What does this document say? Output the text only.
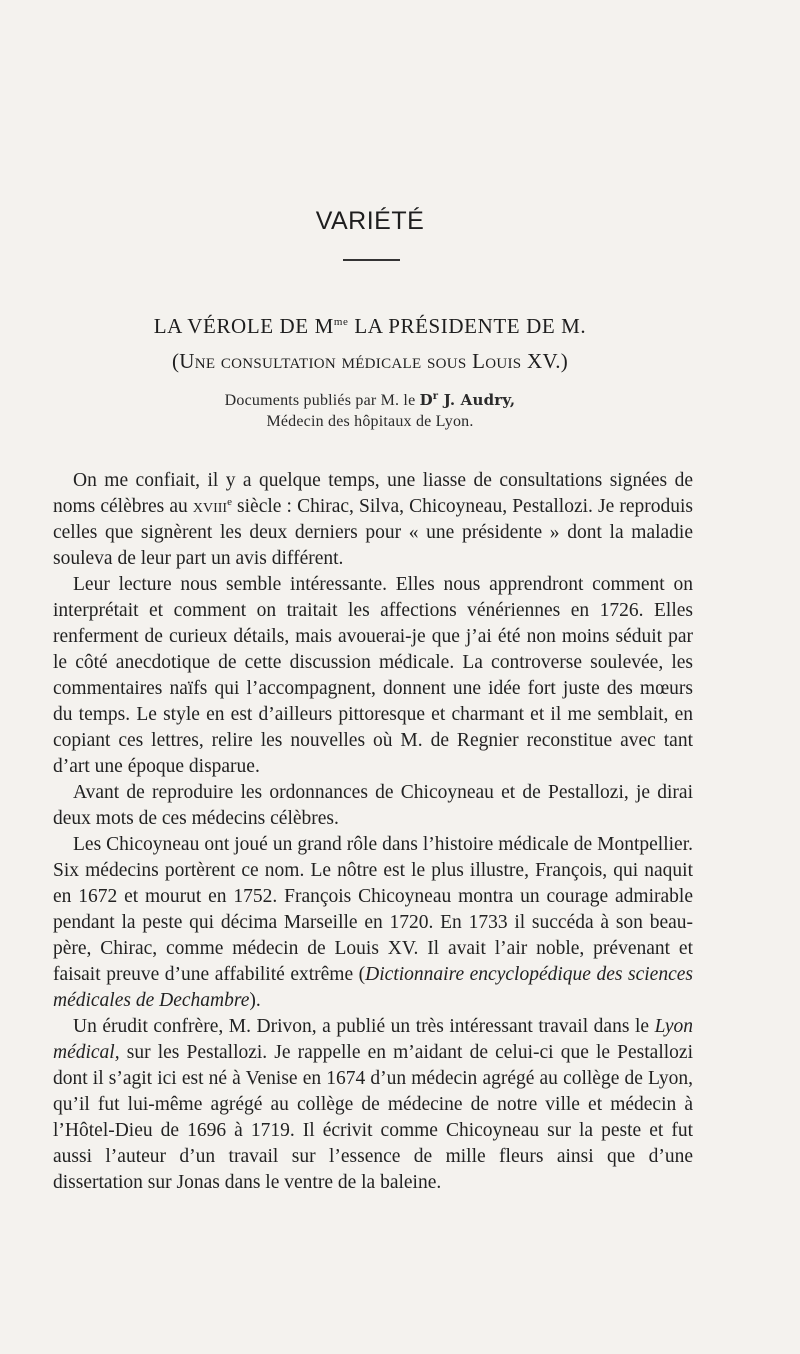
VARIÉTÉ
LA VÉROLE DE $M^{me}$ LA PRÉSIDENTE DE M.
(Une consultation médicale sous Louis XV.)
Documents publiés par M. le $D^r$ J. Audry,
Médecin des hôpitaux de Lyon.

On me confiait, il y a quelque temps, une liasse de consultations signées de noms célèbres au xviii$^e$ siècle : Chirac, Silva, Chicoyneau, Pestallozi. Je reproduis celles que signèrent les deux derniers pour « une présidente » dont la maladie souleva de leur part un avis différent.

Leur lecture nous semble intéressante. Elles nous apprendront comment on interprétait et comment on traitait les affections vénériennes en 1726. Elles renferment de curieux détails, mais avouerai-je que j’ai été non moins séduit par le côté anecdotique de cette discussion médicale. La controverse soulevée, les commentaires naïfs qui l’accompagnent, donnent une idée fort juste des mœurs du temps. Le style en est d’ailleurs pittoresque et charmant et il me semblait, en copiant ces lettres, relire les nouvelles où M. de Regnier reconstitue avec tant d’art une époque disparue.

Avant de reproduire les ordonnances de Chicoyneau et de Pestallozi, je dirai deux mots de ces médecins célèbres.

Les Chicoyneau ont joué un grand rôle dans l’histoire médicale de Montpellier. Six médecins portèrent ce nom. Le nôtre est le plus illustre, François, qui naquit en 1672 et mourut en 1752. François Chicoyneau montra un courage admirable pendant la peste qui décima Marseille en 1720. En 1733 il succéda à son beau-père, Chirac, comme médecin de Louis XV. Il avait l’air noble, prévenant et faisait preuve d’une affabilité extrême (Dictionnaire encyclopédique des sciences médicales de Dechambre).

Un érudit confrère, M. Drivon, a publié un très intéressant travail dans le Lyon médical, sur les Pestallozi. Je rappelle en m’aidant de celui-ci que le Pestallozi dont il s’agit ici est né à Venise en 1674 d’un médecin agrégé au collège de Lyon, qu’il fut lui-même agrégé au collège de médecine de notre ville et médecin à l’Hôtel-Dieu de 1696 à 1719. Il écrivit comme Chicoyneau sur la peste et fut aussi l’auteur d’un travail sur l’essence de mille fleurs ainsi que d’une dissertation sur Jonas dans le ventre de la baleine.
